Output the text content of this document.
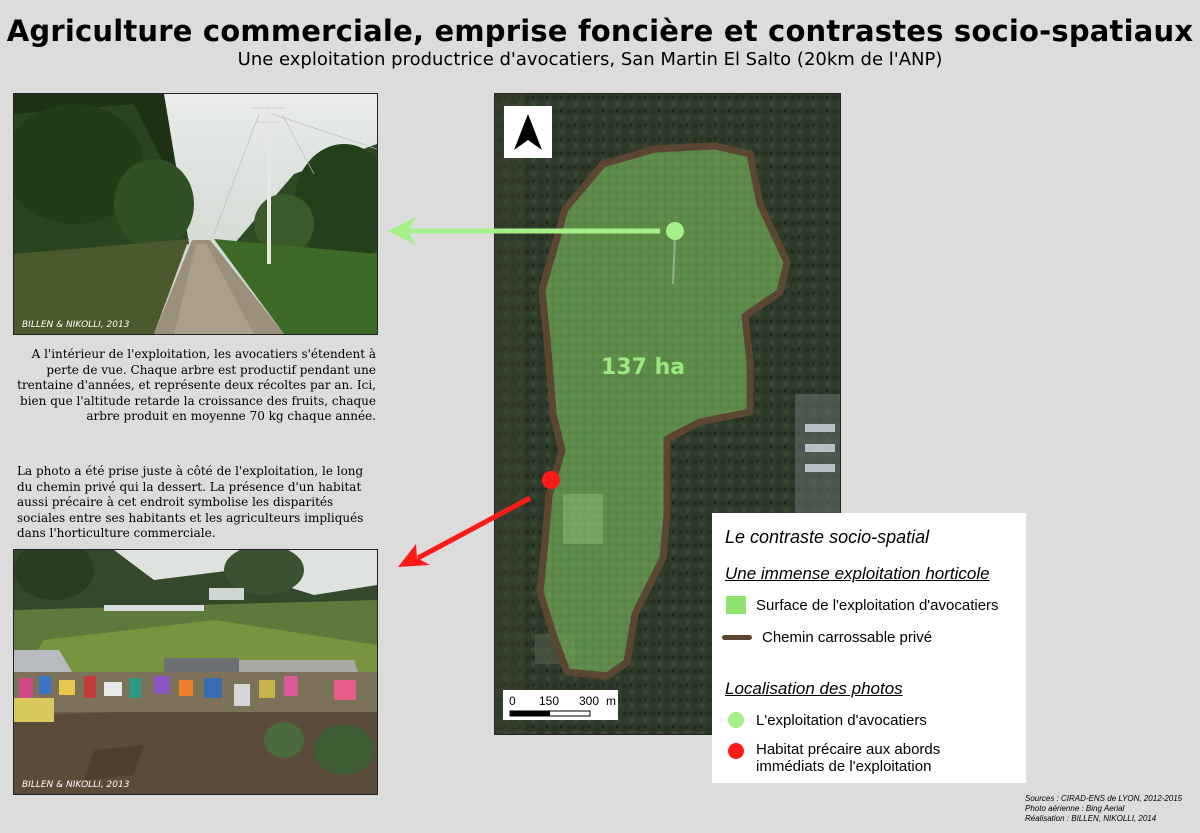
Agriculture commerciale, emprise foncière et contrastes socio-spatiaux
Une exploitation productrice d'avocatiers, San Martin El Salto (20km de l'ANP)
BILLEN & NIKOLLI, 2013
A l'intérieur de l'exploitation, les avocatiers s'étendent à perte de vue. Chaque arbre est productif pendant une trentaine d'années, et représente deux récoltes par an. Ici, bien que l'altitude retarde la croissance des fruits, chaque arbre produit en moyenne 70 kg chaque année.
La photo a été prise juste à côté de l'exploitation, le long du chemin privé qui la dessert. La présence d'un habitat aussi précaire à cet endroit symbolise les disparités sociales entre ses habitants et les agriculteurs impliqués dans l'horticulture commerciale.
BILLEN & NIKOLLI, 2013
137 ha
0 150 300 m
Le contraste socio-spatial
Une immense exploitation horticole
Surface de l'exploitation d'avocatiers
Chemin carrossable privé
Localisation des photos
L'exploitation d'avocatiers
Habitat précaire aux abords
immédiats de l'exploitation
Sources : CIRAD-ENS de LYON, 2012-2015
Photo aérienne : Bing Aerial
Réalisation : BILLEN, NIKOLLI, 2014
